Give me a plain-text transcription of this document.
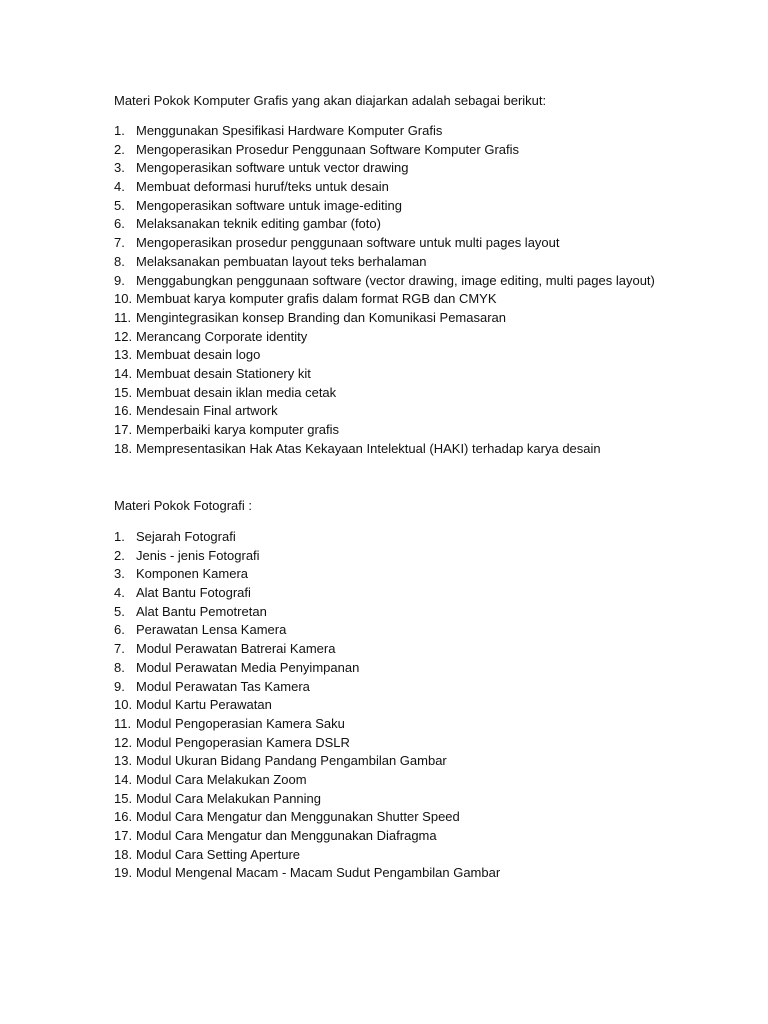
Materi Pokok Komputer Grafis yang akan diajarkan adalah sebagai berikut:

1. Menggunakan Spesifikasi Hardware Komputer Grafis
2. Mengoperasikan Prosedur Penggunaan Software Komputer Grafis
3. Mengoperasikan software untuk vector drawing
4. Membuat deformasi huruf/teks untuk desain
5. Mengoperasikan software untuk image-editing
6. Melaksanakan teknik editing gambar (foto)
7. Mengoperasikan prosedur penggunaan software untuk multi pages layout
8. Melaksanakan pembuatan layout teks berhalaman
9. Menggabungkan penggunaan software (vector drawing, image editing, multi pages layout)
10. Membuat karya komputer grafis dalam format RGB dan CMYK
11. Mengintegrasikan konsep Branding dan Komunikasi Pemasaran
12. Merancang Corporate identity
13. Membuat desain logo
14. Membuat desain Stationery kit
15. Membuat desain iklan media cetak
16. Mendesain Final artwork
17. Memperbaiki karya komputer grafis
18. Mempresentasikan Hak Atas Kekayaan Intelektual (HAKI) terhadap karya desain

Materi Pokok Fotografi :

1. Sejarah Fotografi
2. Jenis - jenis Fotografi
3. Komponen Kamera
4. Alat Bantu Fotografi
5. Alat Bantu Pemotretan
6. Perawatan Lensa Kamera
7. Modul Perawatan Batrerai Kamera
8. Modul Perawatan Media Penyimpanan
9. Modul Perawatan Tas Kamera
10. Modul Kartu Perawatan
11. Modul Pengoperasian Kamera Saku
12. Modul Pengoperasian Kamera DSLR
13. Modul Ukuran Bidang Pandang Pengambilan Gambar
14. Modul Cara Melakukan Zoom
15. Modul Cara Melakukan Panning
16. Modul Cara Mengatur dan Menggunakan Shutter Speed
17. Modul Cara Mengatur dan Menggunakan Diafragma
18. Modul Cara Setting Aperture
19. Modul Mengenal Macam - Macam Sudut Pengambilan Gambar
